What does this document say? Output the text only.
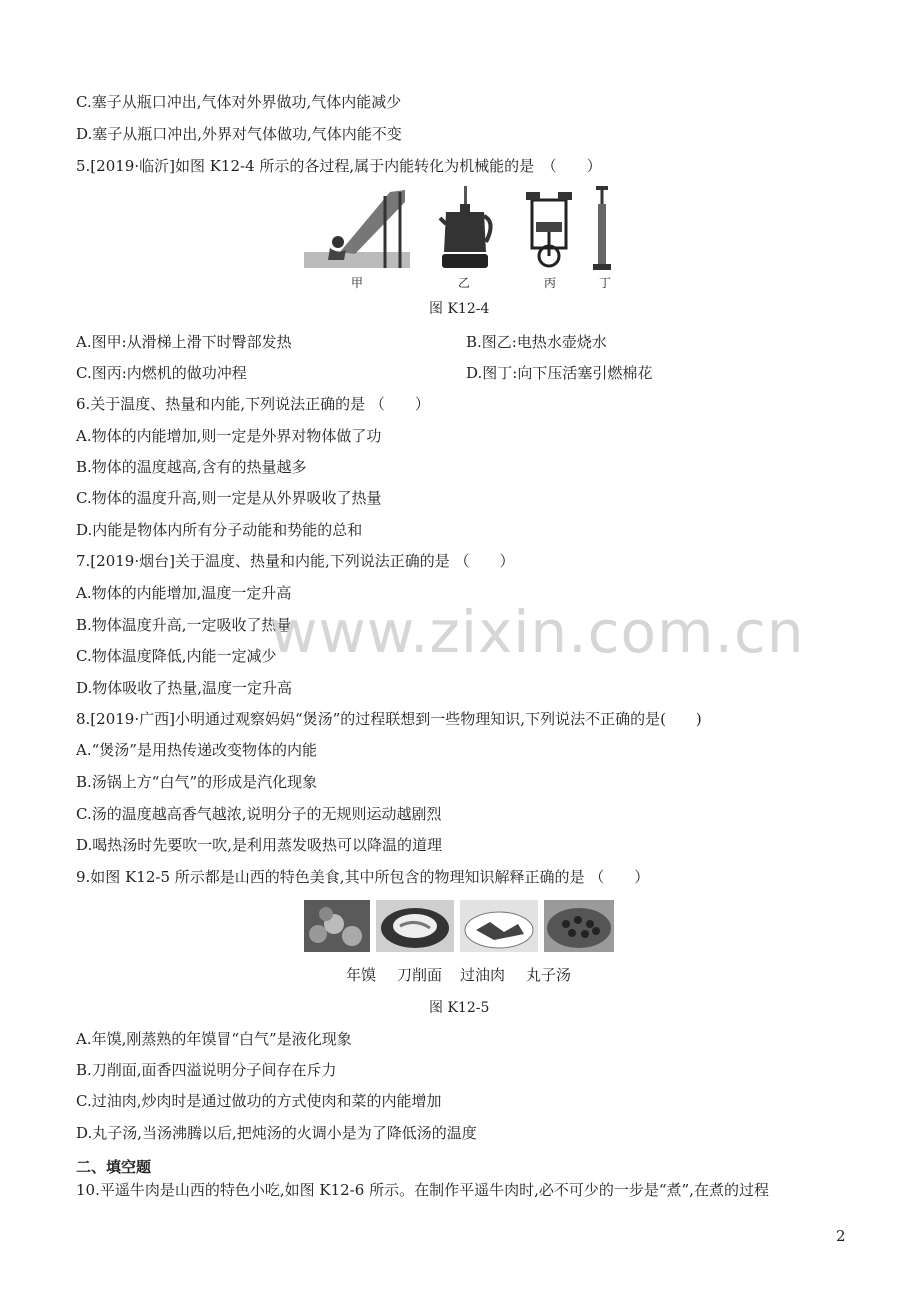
C.塞子从瓶口冲出,气体对外界做功,气体内能减少
D.塞子从瓶口冲出,外界对气体做功,气体内能不变
5.[2019·临沂]如图 K12-4 所示的各过程,属于内能转化为机械能的是　（　　）
甲	乙	丙	丁
图 K12-4
A.图甲:从滑梯上滑下时臀部发热	B.图乙:电热水壶烧水
C.图丙:内燃机的做功冲程	D.图丁:向下压活塞引燃棉花
6.关于温度、热量和内能,下列说法正确的是 （　　）
A.物体的内能增加,则一定是外界对物体做了功
B.物体的温度越高,含有的热量越多
C.物体的温度升高,则一定是从外界吸收了热量
D.内能是物体内所有分子动能和势能的总和
7.[2019·烟台]关于温度、热量和内能,下列说法正确的是 （　　）
A.物体的内能增加,温度一定升高
B.物体温度升高,一定吸收了热量
C.物体温度降低,内能一定减少
D.物体吸收了热量,温度一定升高
8.[2019·广西]小明通过观察妈妈“煲汤”的过程联想到一些物理知识,下列说法不正确的是(　　)
A.“煲汤”是用热传递改变物体的内能
B.汤锅上方“白气”的形成是汽化现象
C.汤的温度越高香气越浓,说明分子的无规则运动越剧烈
D.喝热汤时先要吹一吹,是利用蒸发吸热可以降温的道理
9.如图 K12-5 所示都是山西的特色美食,其中所包含的物理知识解释正确的是 （　　）
年馍 刀削面 过油肉 丸子汤
图 K12-5
A.年馍,刚蒸熟的年馍冒“白气”是液化现象
B.刀削面,面香四溢说明分子间存在斥力
C.过油肉,炒肉时是通过做功的方式使肉和菜的内能增加
D.丸子汤,当汤沸腾以后,把炖汤的火调小是为了降低汤的温度
二、填空题
10.平遥牛肉是山西的特色小吃,如图 K12-6 所示。在制作平遥牛肉时,必不可少的一步是“煮”,在煮的过程
www.zixin.com.cn
2
